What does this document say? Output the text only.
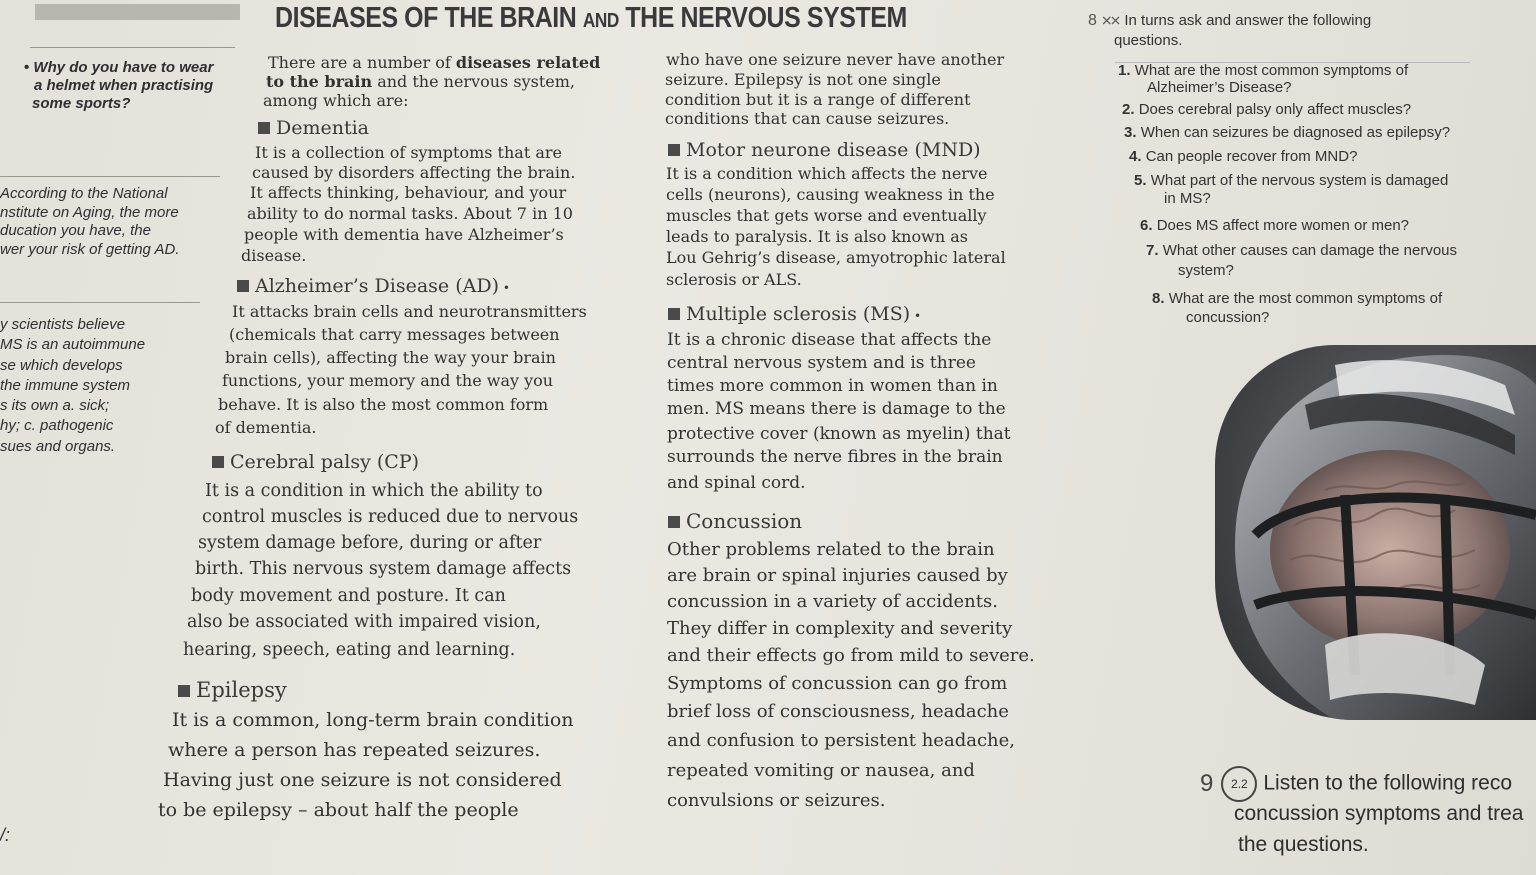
DISEASES OF THE BRAIN AND THE NERVOUS SYSTEM
• Why do you have to wear
a helmet when practising
some sports?
According to the National
nstitute on Aging, the more
ducation you have, the
wer your risk of getting AD.
y scientists believe
MS is an autoimmune
se which develops
the immune system
s its own a. sick;
hy; c. pathogenic
sues and organs.
/:
There are a number of diseases related
to the brain and the nervous system,
among which are:
Dementia
It is a collection of symptoms that are
caused by disorders affecting the brain.
It affects thinking, behaviour, and your
ability to do normal tasks. About 7 in 10
people with dementia have Alzheimer’s
disease.
Alzheimer’s Disease (AD) •
It attacks brain cells and neurotransmitters
(chemicals that carry messages between
brain cells), affecting the way your brain
functions, your memory and the way you
behave. It is also the most common form
of dementia.
Cerebral palsy (CP)
It is a condition in which the ability to
control muscles is reduced due to nervous
system damage before, during or after
birth. This nervous system damage affects
body movement and posture. It can
also be associated with impaired vision,
hearing, speech, eating and learning.
Epilepsy
It is a common, long-term brain condition
where a person has repeated seizures.
Having just one seizure is not considered
to be epilepsy – about half the people
who have one seizure never have another
seizure. Epilepsy is not one single
condition but it is a range of different
conditions that can cause seizures.
Motor neurone disease (MND)
It is a condition which affects the nerve
cells (neurons), causing weakness in the
muscles that gets worse and eventually
leads to paralysis. It is also known as
Lou Gehrig’s disease, amyotrophic lateral
sclerosis or ALS.
Multiple sclerosis (MS) •
It is a chronic disease that affects the
central nervous system and is three
times more common in women than in
men. MS means there is damage to the
protective cover (known as myelin) that
surrounds the nerve fibres in the brain
and spinal cord.
Concussion
Other problems related to the brain
are brain or spinal injuries caused by
concussion in a variety of accidents.
They differ in complexity and severity
and their effects go from mild to severe.
Symptoms of concussion can go from
brief loss of consciousness, headache
and confusion to persistent headache,
repeated vomiting or nausea, and
convulsions or seizures.
8 ⨯⨯ In turns ask and answer the following
questions.
1. What are the most common symptoms of
Alzheimer’s Disease?
2. Does cerebral palsy only affect muscles?
3. When can seizures be diagnosed as epilepsy?
4. Can people recover from MND?
5. What part of the nervous system is damaged
in MS?
6. Does MS affect more women or men?
7. What other causes can damage the nervous
system?
8. What are the most common symptoms of
concussion?
9 2.2 Listen to the following reco
concussion symptoms and trea
the questions.
